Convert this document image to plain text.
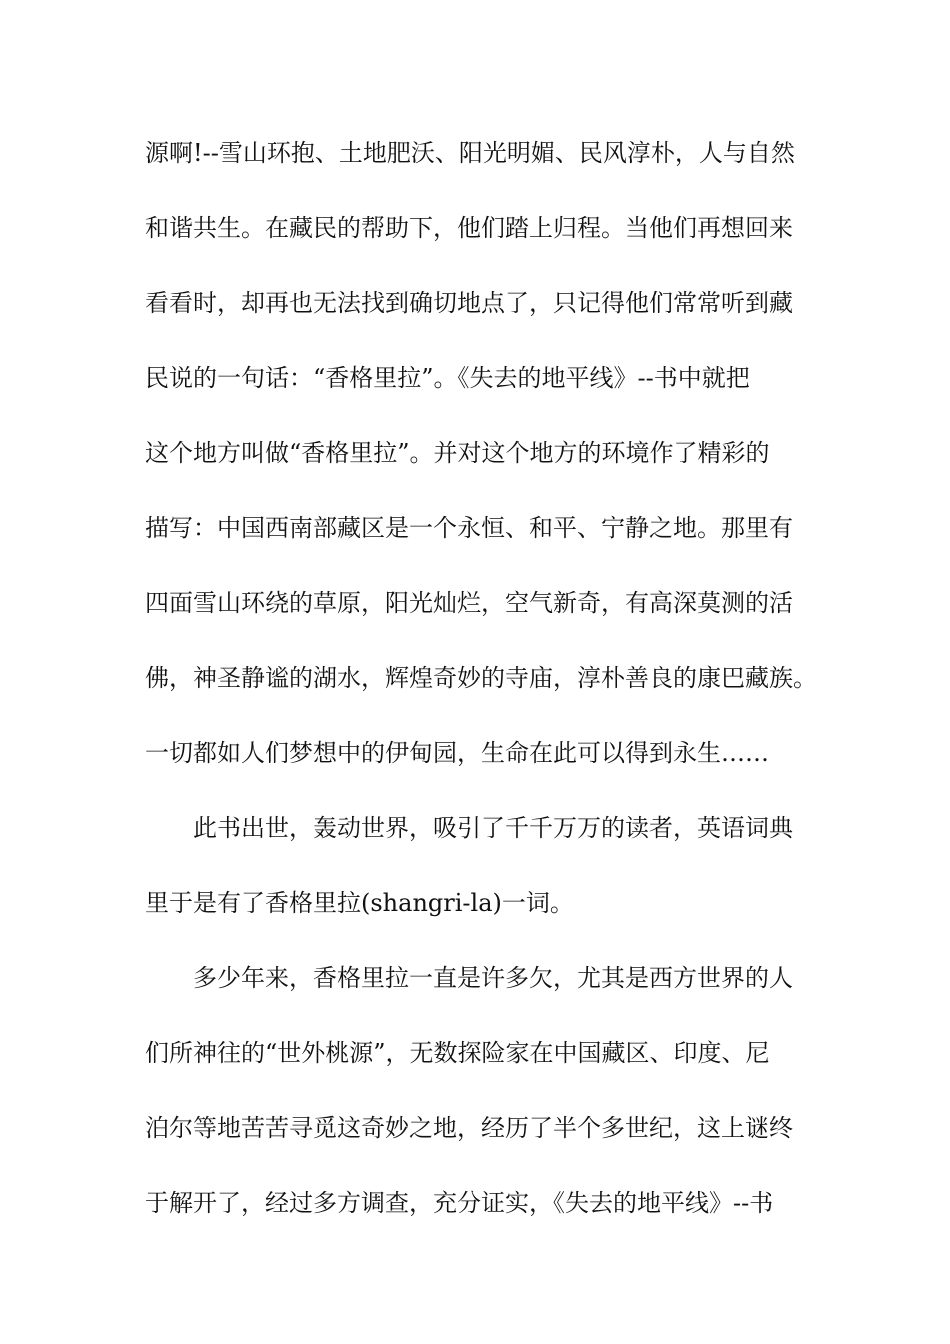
源啊!--雪山环抱、土地肥沃、阳光明媚、民风淳朴，人与自然
和谐共生。在藏民的帮助下，他们踏上归程。当他们再想回来
看看时，却再也无法找到确切地点了，只记得他们常常听到藏
民说的一句话：“香格里拉”。《失去的地平线》--书中就把
这个地方叫做“香格里拉”。并对这个地方的环境作了精彩的
描写：中国西南部藏区是一个永恒、和平、宁静之地。那里有
四面雪山环绕的草原，阳光灿烂，空气新奇，有高深莫测的活
佛，神圣静谧的湖水，辉煌奇妙的寺庙，淳朴善良的康巴藏族。
一切都如人们梦想中的伊甸园，生命在此可以得到永生……
此书出世，轰动世界，吸引了千千万万的读者，英语词典
里于是有了香格里拉(shangri-la)一词。
多少年来，香格里拉一直是许多欠，尤其是西方世界的人
们所神往的“世外桃源”，无数探险家在中国藏区、印度、尼
泊尔等地苦苦寻觅这奇妙之地，经历了半个多世纪，这上谜终
于解开了，经过多方调查，充分证实，《失去的地平线》--书
